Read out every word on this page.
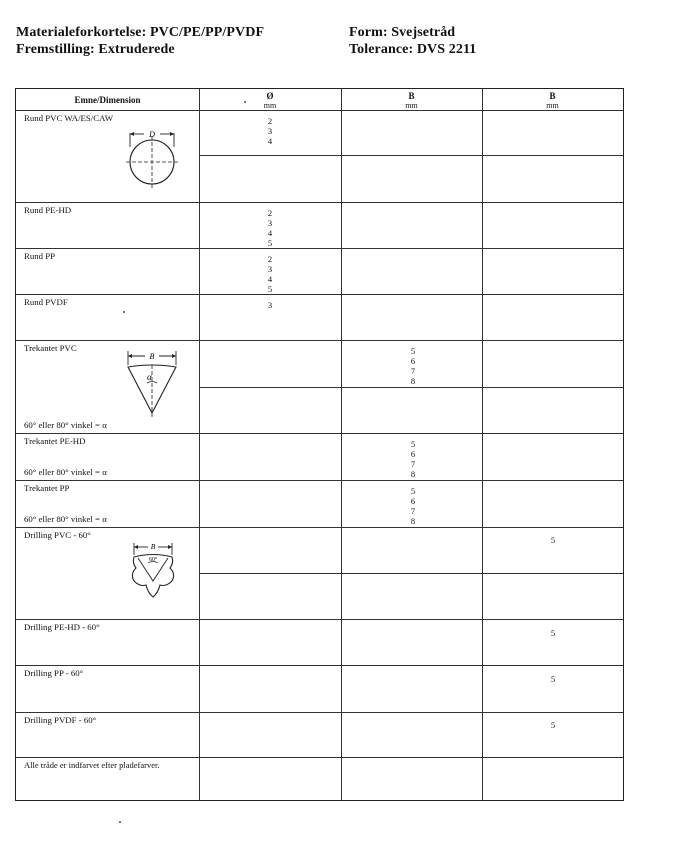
Materialeforkortelse: PVC/PE/PP/PVDF
Fremstilling: Extruderede
Form: Svejsetråd
Tolerance: DVS 2211
Emne/Dimension	Ø
mm
B
mm
B
mm
Rund PVC WA/ES/CAW
Rund PE-HD
Rund PP
Rund PVDF
Trekantet PVC
60° eller 80° vinkel = α
Trekantet PE-HD
60° eller 80° vinkel = α
Trekantet PP
60° eller 80° vinkel = α
Drilling PVC - 60°
Drilling PE-HD - 60°
Drilling PP - 60°
Drilling PVDF - 60°
2
3
4
2
3
4
5
2
3
4
5
3
5
6
7
8
5
6
7
8
5
6
7
8
5
5
5
5
Alle tråde er indfarvet efter pladefarver.
D
B
α
B
60°
